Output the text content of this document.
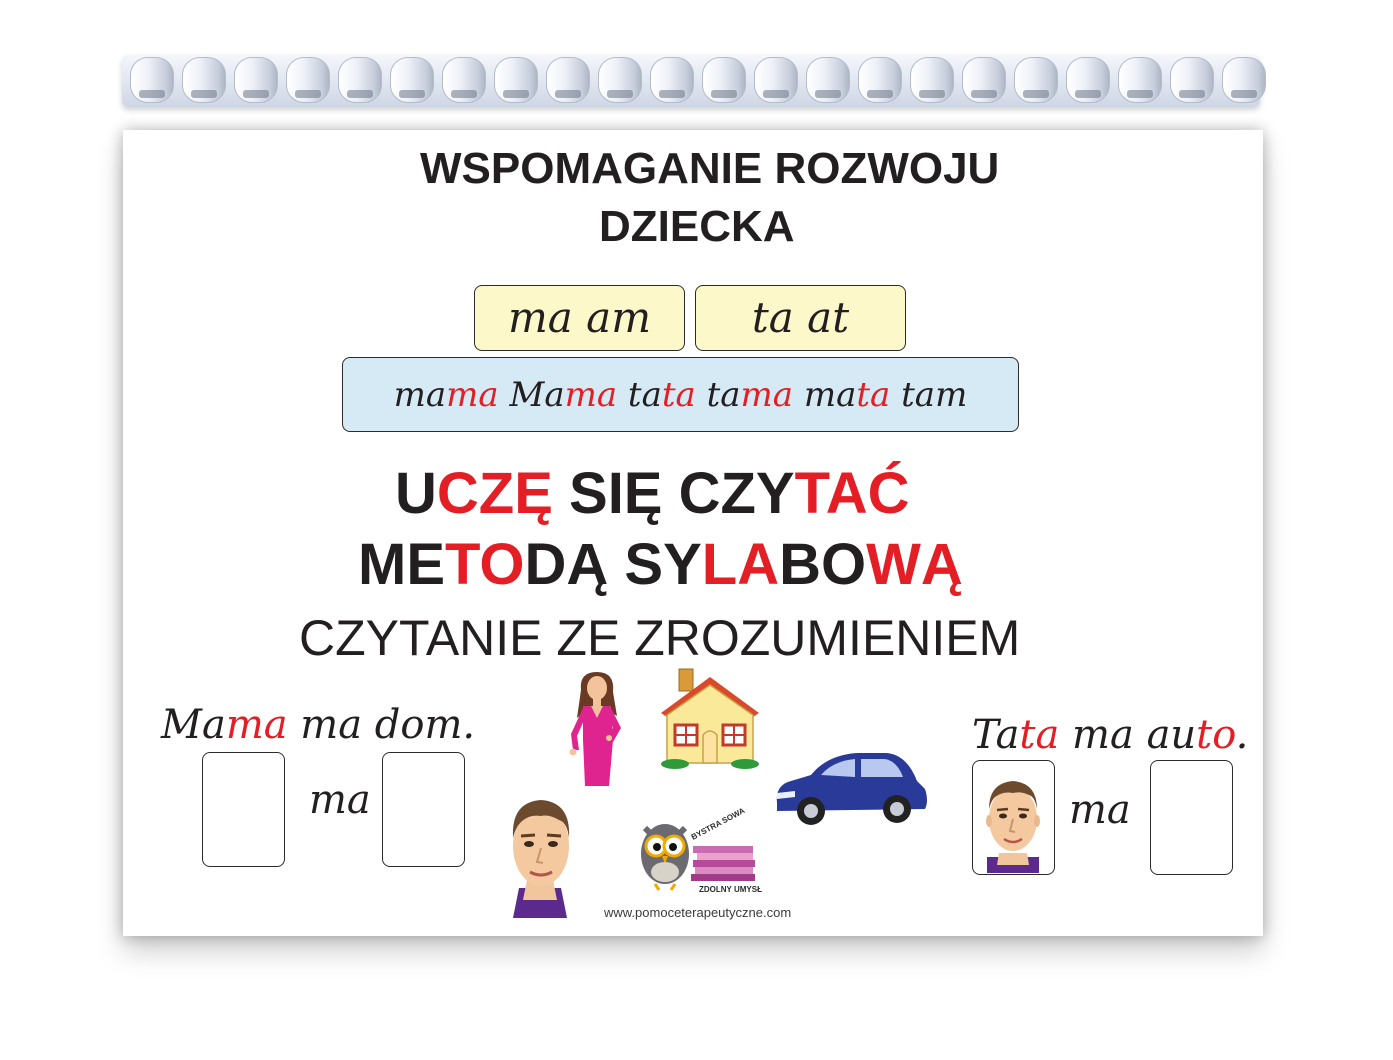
WSPOMAGANIE ROZWOJU
DZIECKA
ma am ta at
mama Mama tata tama mata tam
UCZĘ SIĘ CZYTAĆ
METODĄ SYLABOWĄ
CZYTANIE ZE ZROZUMIENIEM
Mama ma dom.
ma
Tata ma auto.
ma
BYSTRA SOWA
ZDOLNY UMYSŁ
www.pomoceterapeutyczne.com
